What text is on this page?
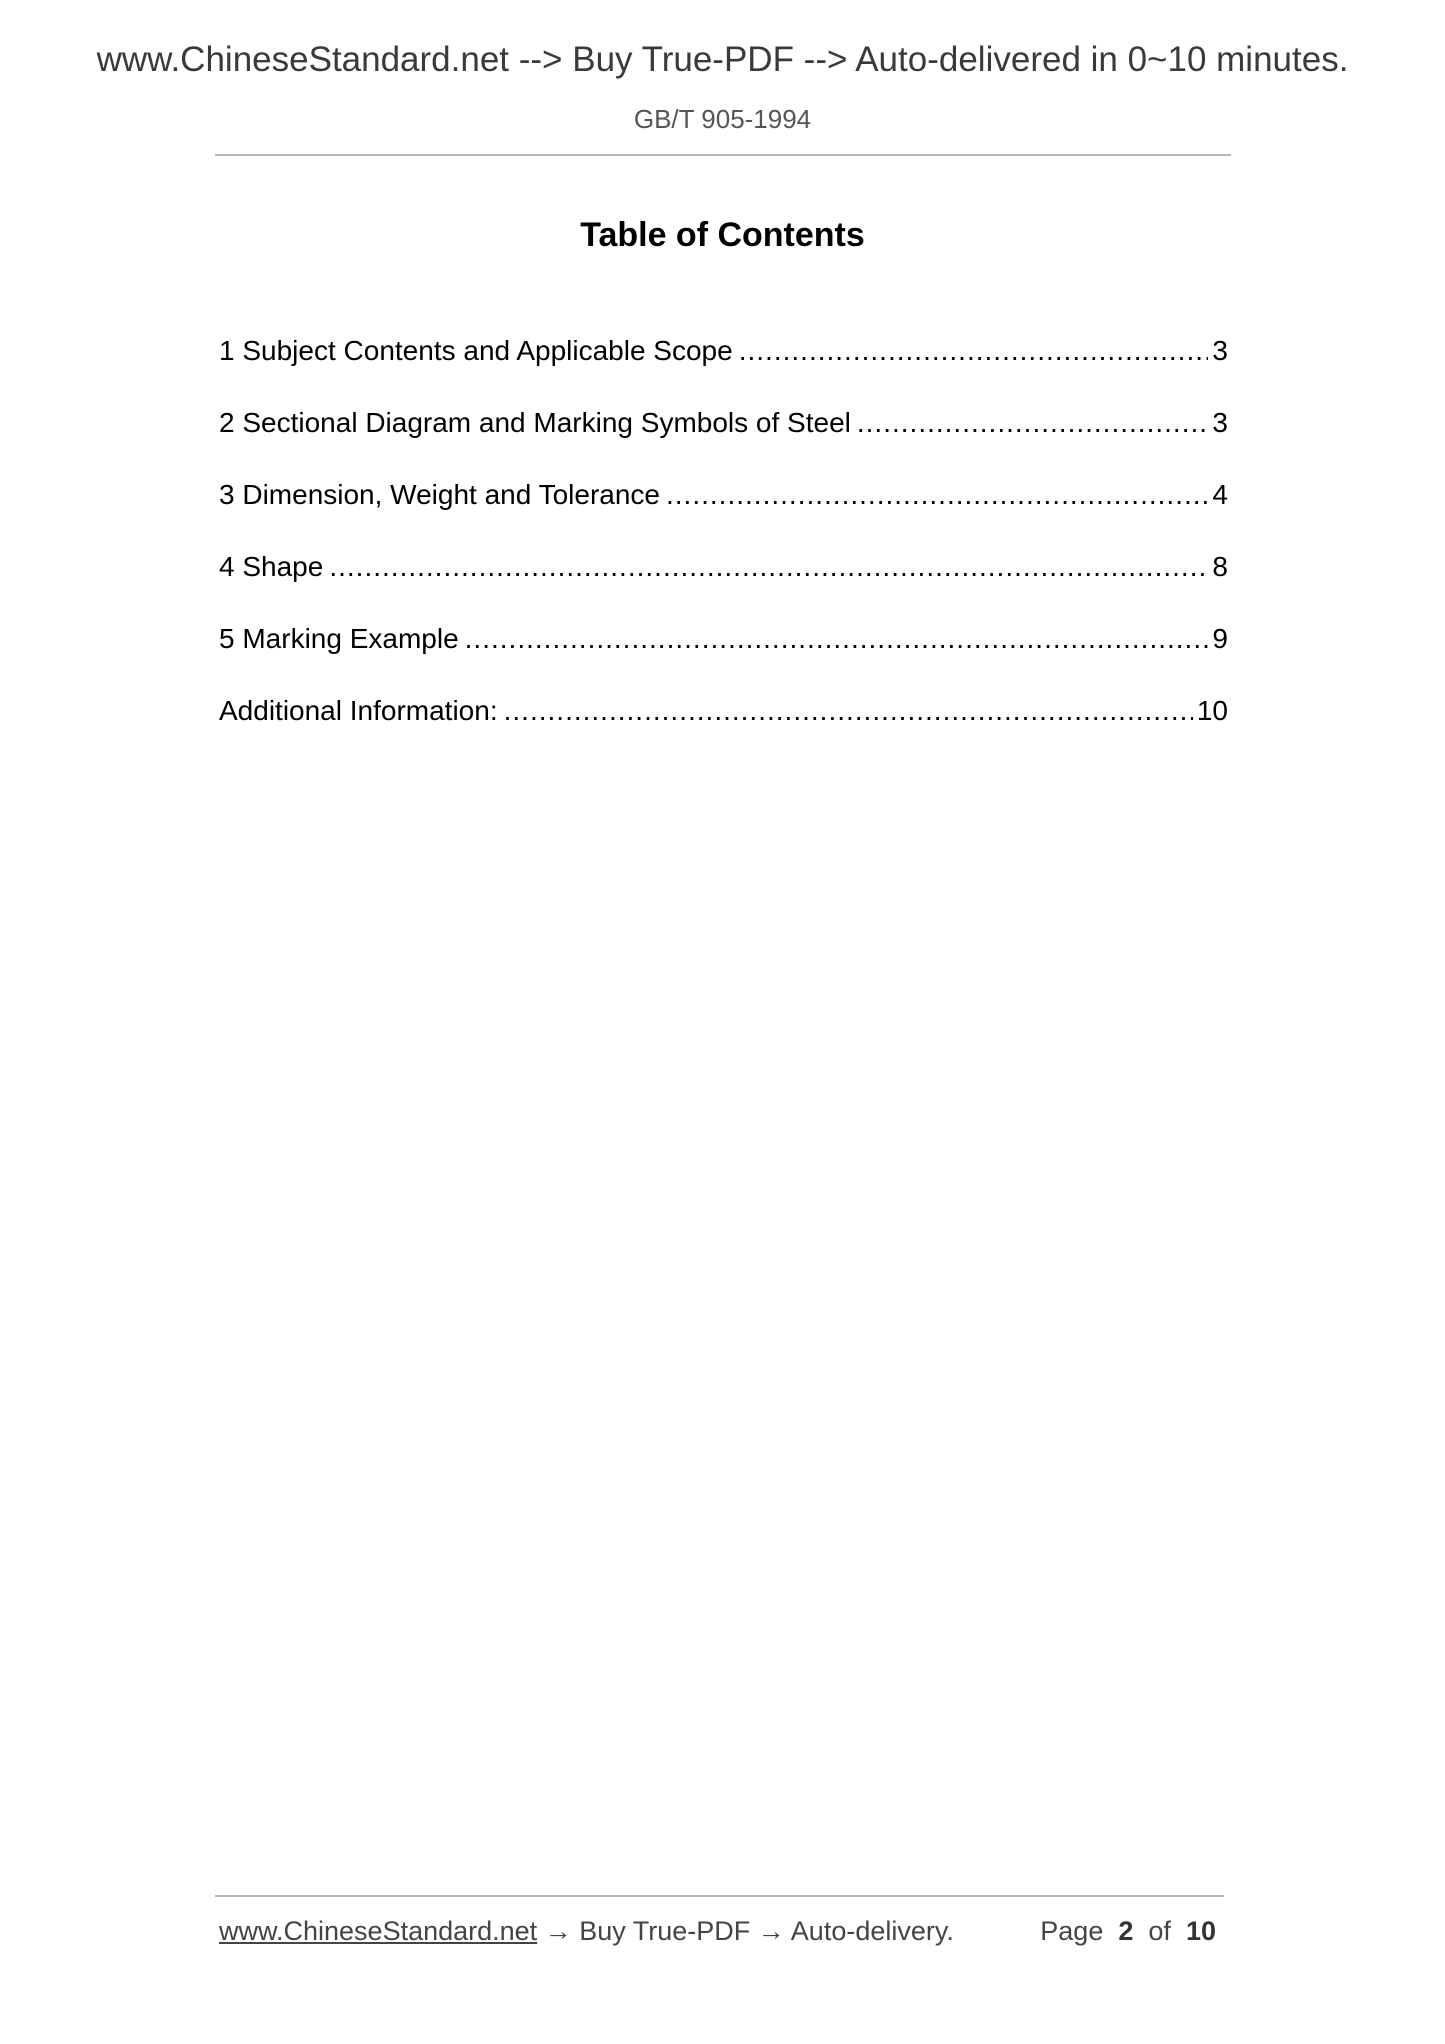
www.ChineseStandard.net --> Buy True-PDF --> Auto-delivered in 0~10 minutes.
GB/T 905-1994
Table of Contents
1 Subject Contents and Applicable Scope .....	3
2 Sectional Diagram and Marking Symbols of Steel .....	3
3 Dimension, Weight and Tolerance .....	4
4 Shape .....	8
5 Marking Example .....	9
Additional Information: .....	10
www.ChineseStandard.net → Buy True-PDF → Auto-delivery.	Page 2 of 10
